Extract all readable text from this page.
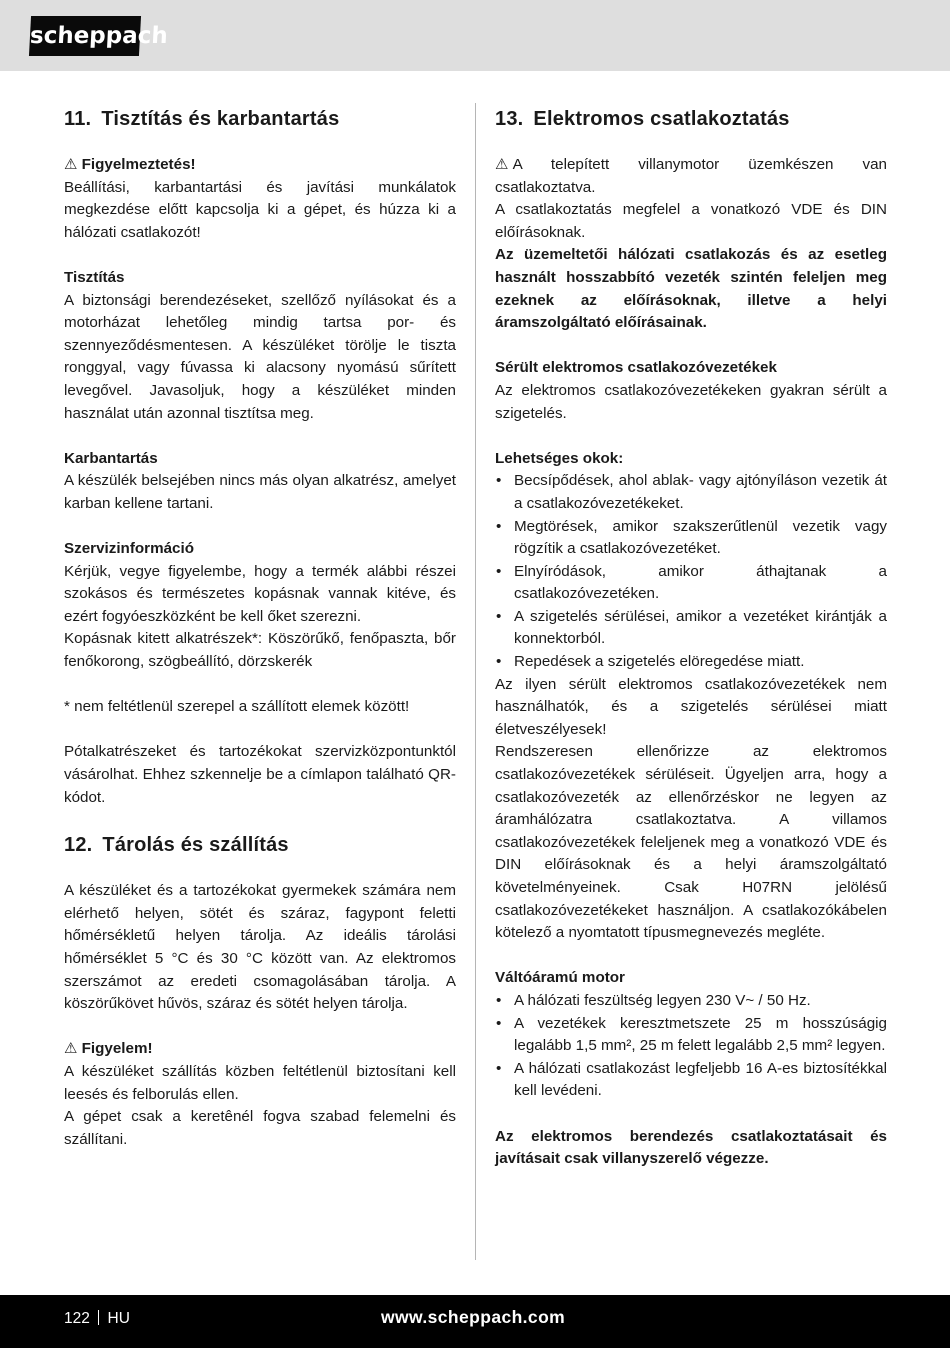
scheppach
11. Tisztítás és karbantartás

⚠ Figyelmeztetés!

Beállítási, karbantartási és javítási munkálatok megkezdése előtt kapcsolja ki a gépet, és húzza ki a hálózati csatlakozót!

Tisztítás

A biztonsági berendezéseket, szellőző nyílásokat és a motorházat lehetőleg mindig tartsa por- és szennyeződésmentesen. A készüléket törölje le tiszta ronggyal, vagy fúvassa ki alacsony nyomású sűrített levegővel. Javasoljuk, hogy a készüléket minden használat után azonnal tisztítsa meg.

Karbantartás

A készülék belsejében nincs más olyan alkatrész, amelyet karban kellene tartani.

Szervizinformáció

Kérjük, vegye figyelembe, hogy a termék alábbi részei szokásos és természetes kopásnak vannak kitéve, és ezért fogyóeszközként be kell őket szerezni.

Kopásnak kitett alkatrészek*: Köszörűkő, fenőpaszta, bőr fenőkorong, szögbeállító, dörzskerék

* nem feltétlenül szerepel a szállított elemek között!

Pótalkatrészeket és tartozékokat szervizközpontunktól vásárolhat. Ehhez szkennelje be a címlapon található QR-kódot.

12. Tárolás és szállítás

A készüléket és a tartozékokat gyermekek számára nem elérhető helyen, sötét és száraz, fagypont feletti hőmérsékletű helyen tárolja. Az ideális tárolási hőmérséklet 5 °C és 30 °C között van. Az elektromos szerszámot az eredeti csomagolásában tárolja. A köszörűkövet hűvös, száraz és sötét helyen tárolja.

⚠ Figyelem!

A készüléket szállítás közben feltétlenül biztosítani kell leesés és felborulás ellen.

A gépet csak a keretênél fogva szabad felemelni és szállítani.

13. Elektromos csatlakoztatás

⚠ A telepített villanymotor üzemkészen van csatlakoztatva.

A csatlakoztatás megfelel a vonatkozó VDE és DIN előírásoknak.

Az üzemeltetői hálózati csatlakozás és az esetleg használt hosszabbító vezeték szintén feleljen meg ezeknek az előírásoknak, illetve a helyi áramszolgáltató előírásainak.

Sérült elektromos csatlakozóvezetékek

Az elektromos csatlakozóvezetékeken gyakran sérült a szigetelés.

Lehetséges okok:

• Becsípődések, ahol ablak- vagy ajtónyíláson vezetik át a csatlakozóvezetékeket.
• Megtörések, amikor szakszerűtlenül vezetik vagy rögzítik a csatlakozóvezetéket.
• Elnyíródások, amikor áthajtanak a csatlakozóvezetéken.
• A szigetelés sérülései, amikor a vezetéket kirántják a konnektorból.
• Repedések a szigetelés elöregedése miatt.

Az ilyen sérült elektromos csatlakozóvezetékek nem használhatók, és a szigetelés sérülései miatt életveszélyesek!

Rendszeresen ellenőrizze az elektromos csatlakozóvezetékek sérüléseit. Ügyeljen arra, hogy a csatlakozóvezeték az ellenőrzéskor ne legyen az áramhálózatra csatlakoztatva. A villamos csatlakozóvezetékek feleljenek meg a vonatkozó VDE és DIN előírásoknak és a helyi áramszolgáltató követelményeinek. Csak H07RN jelölésű csatlakozóvezetékeket használjon. A csatlakozókábelen kötelező a nyomtatott típusmegnevezés megléte.

Váltóáramú motor

• A hálózati feszültség legyen 230 V~ / 50 Hz.
• A vezetékek keresztmetszete 25 m hosszúságig legalább 1,5 mm², 25 m felett legalább 2,5 mm² legyen.
• A hálózati csatlakozást legfeljebb 16 A-es biztosítékkal kell levédeni.

Az elektromos berendezés csatlakoztatásait és javításait csak villanyszerelő végezze.

122 HU	www.scheppach.com
